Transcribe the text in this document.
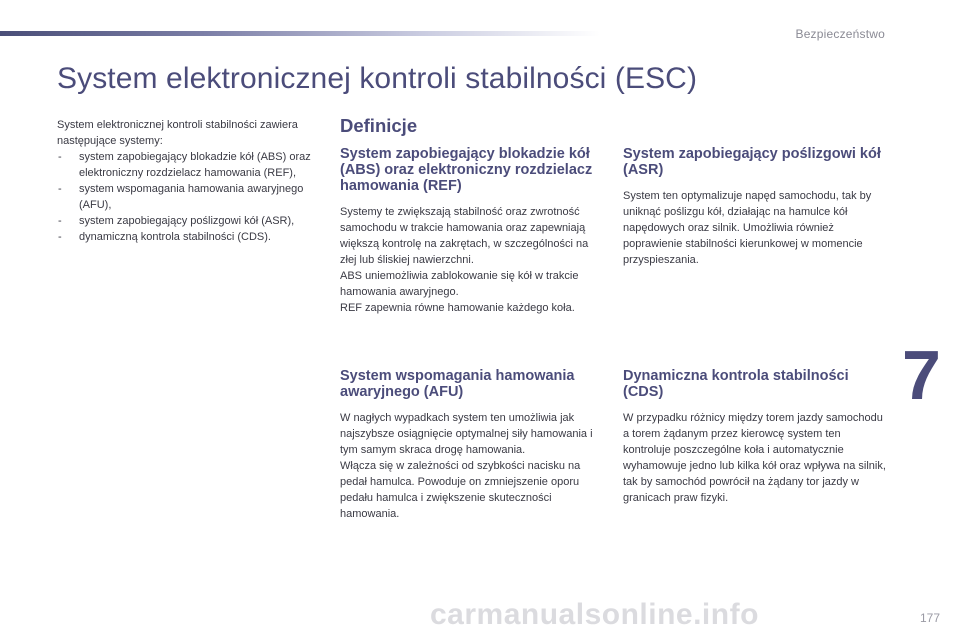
Bezpieczeństwo
System elektronicznej kontroli stabilności (ESC)

System elektronicznej kontroli stabilności zawiera następujące systemy:

- system zapobiegający blokadzie kół (ABS) oraz elektroniczny rozdzielacz hamowania (REF),
- system wspomagania hamowania awaryjnego (AFU),
- system zapobiegający poślizgowi kół (ASR),
- dynamiczną kontrola stabilności (CDS).
Definicje
System zapobiegający blokadzie kół (ABS) oraz elektroniczny rozdzielacz hamowania (REF)

Systemy te zwiększają stabilność oraz zwrotność samochodu w trakcie hamowania oraz zapewniają większą kontrolę na zakrętach, w szczególności na złej lub śliskiej nawierzchni.
ABS uniemożliwia zablokowanie się kół w trakcie hamowania awaryjnego.
REF zapewnia równe hamowanie każdego koła.

System zapobiegający poślizgowi kół (ASR)

System ten optymalizuje napęd samochodu, tak by uniknąć poślizgu kół, działając na hamulce kół napędowych oraz silnik. Umożliwia również poprawienie stabilności kierunkowej w momencie przyspieszania.

System wspomagania hamowania awaryjnego (AFU)

W nagłych wypadkach system ten umożliwia jak najszybsze osiągnięcie optymalnej siły hamowania i tym samym skraca drogę hamowania.
Włącza się w zależności od szybkości nacisku na pedał hamulca. Powoduje on zmniejszenie oporu pedału hamulca i zwiększenie skuteczności hamowania.

Dynamiczna kontrola stabilności (CDS)

W przypadku różnicy między torem jazdy samochodu a torem żądanym przez kierowcę system ten kontroluje poszczególne koła i automatycznie wyhamowuje jedno lub kilka kół oraz wpływa na silnik, tak by samochód powrócił na żądany tor jazdy w granicach praw fizyki.

7
carmanualsonline.info	177
